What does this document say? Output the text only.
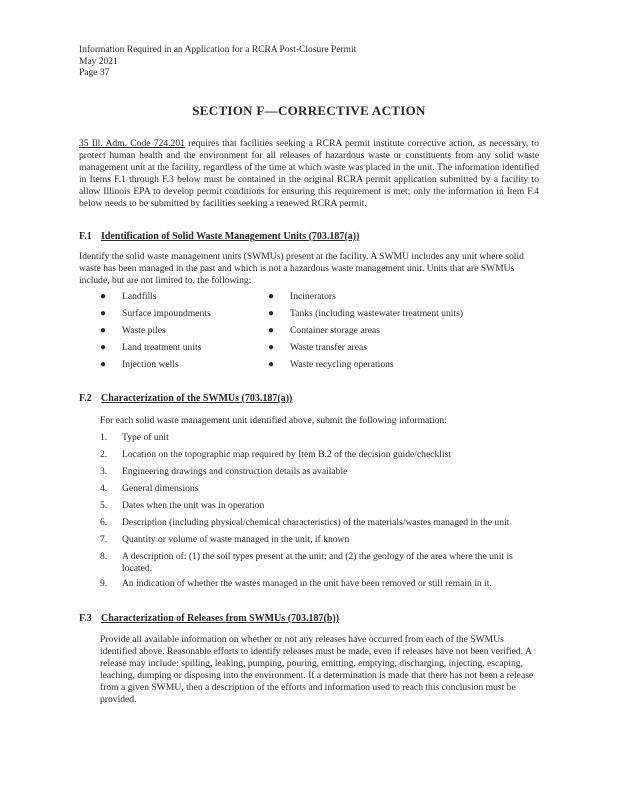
Information Required in an Application for a RCRA Post-Closure Permit
May 2021
Page 37
SECTION F—CORRECTIVE ACTION
35 Ill. Adm. Code 724.201 requires that facilities seeking a RCRA permit institute corrective action, as necessary, to protect human health and the environment for all releases of hazardous waste or constituents from any solid waste management unit at the facility, regardless of the time at which waste was placed in the unit. The information identified in Items F.1 through F.3 below must be contained in the original RCRA permit application submitted by a facility to allow Illinois EPA to develop permit conditions for ensuring this requirement is met; only the information in Item F.4 below needs to be submitted by facilities seeking a renewed RCRA permit.
F.1 Identification of Solid Waste Management Units (703.187(a))
Identify the solid waste management units (SWMUs) present at the facility. A SWMU includes any unit where solid waste has been managed in the past and which is not a hazardous waste management unit. Units that are SWMUs include, but are not limited to, the following:
● Landfills
● Surface impoundments
● Waste piles
● Land treatment units
● Injection wells
● Incinerators
● Tanks (including wastewater treatment units)
● Container storage areas
● Waste transfer areas
● Waste recycling operations
F.2 Characterization of the SWMUs (703.187(a))
For each solid waste management unit identified above, submit the following information:
1. Type of unit
2. Location on the topographic map required by Item B.2 of the decision guide/checklist
3. Engineering drawings and construction details as available
4. General dimensions
5. Dates when the unit was in operation
6. Description (including physical/chemical characteristics) of the materials/wastes managed in the unit
7. Quantity or volume of waste managed in the unit, if known
8. A description of: (1) the soil types present at the unit; and (2) the geology of the area where the unit is located.
9. An indication of whether the wastes managed in the unit have been removed or still remain in it.
F.3 Characterization of Releases from SWMUs (703.187(b))
Provide all available information on whether or not any releases have occurred from each of the SWMUs identified above. Reasonable efforts to identify releases must be made, even if releases have not been verified. A release may include: spilling, leaking, pumping, pouring, emitting, emptying, discharging, injecting, escaping, leaching, dumping or disposing into the environment. If a determination is made that there has not been a release from a given SWMU, then a description of the efforts and information used to reach this conclusion must be provided.
